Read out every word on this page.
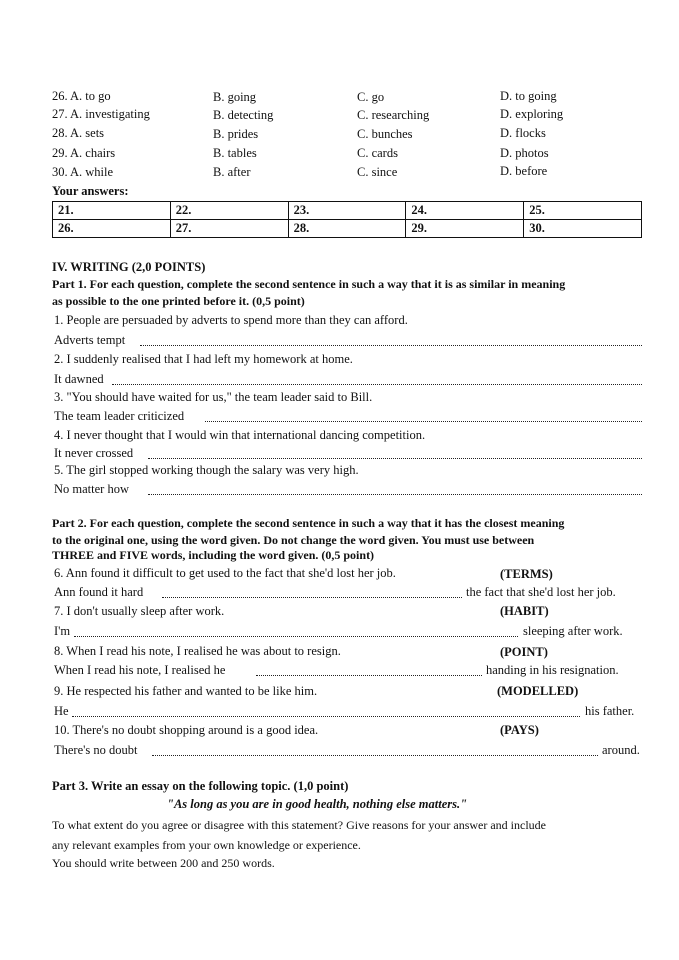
26. A. to go	B. going	C. go	D. to going
27. A. investigating	B. detecting	C. researching	D. exploring
28. A. sets	B. prides	C. bunches	D. flocks
29. A. chairs	B. tables	C. cards	D. photos
30. A. while	B. after	C. since	D. before
Your answers:
21.	22.	23.	24.	25.
26.	27.	28.	29.	30.
IV. WRITING (2,0 POINTS)
Part 1. For each question, complete the second sentence in such a way that it is as similar in meaning
as possible to the one printed before it. (0,5 point)
1. People are persuaded by adverts to spend more than they can afford.
Adverts tempt
2. I suddenly realised that I had left my homework at home.
It dawned
3. "You should have waited for us," the team leader said to Bill.
The team leader criticized
4. I never thought that I would win that international dancing competition.
It never crossed
5. The girl stopped working though the salary was very high.
No matter how
Part 2. For each question, complete the second sentence in such a way that it has the closest meaning
to the original one, using the word given. Do not change the word given. You must use between
THREE and FIVE words, including the word given. (0,5 point)
6. Ann found it difficult to get used to the fact that she'd lost her job.	(TERMS)
Ann found it hard	the fact that she'd lost her job.
7. I don't usually sleep after work.	(HABIT)
I'm	sleeping after work.
8. When I read his note, I realised he was about to resign.	(POINT)
When I read his note, I realised he	handing in his resignation.
9. He respected his father and wanted to be like him.	(MODELLED)
He	his father.
10. There's no doubt shopping around is a good idea.	(PAYS)
There's no doubt	around.
Part 3. Write an essay on the following topic. (1,0 point)
"As long as you are in good health, nothing else matters."
To what extent do you agree or disagree with this statement? Give reasons for your answer and include
any relevant examples from your own knowledge or experience.
You should write between 200 and 250 words.
